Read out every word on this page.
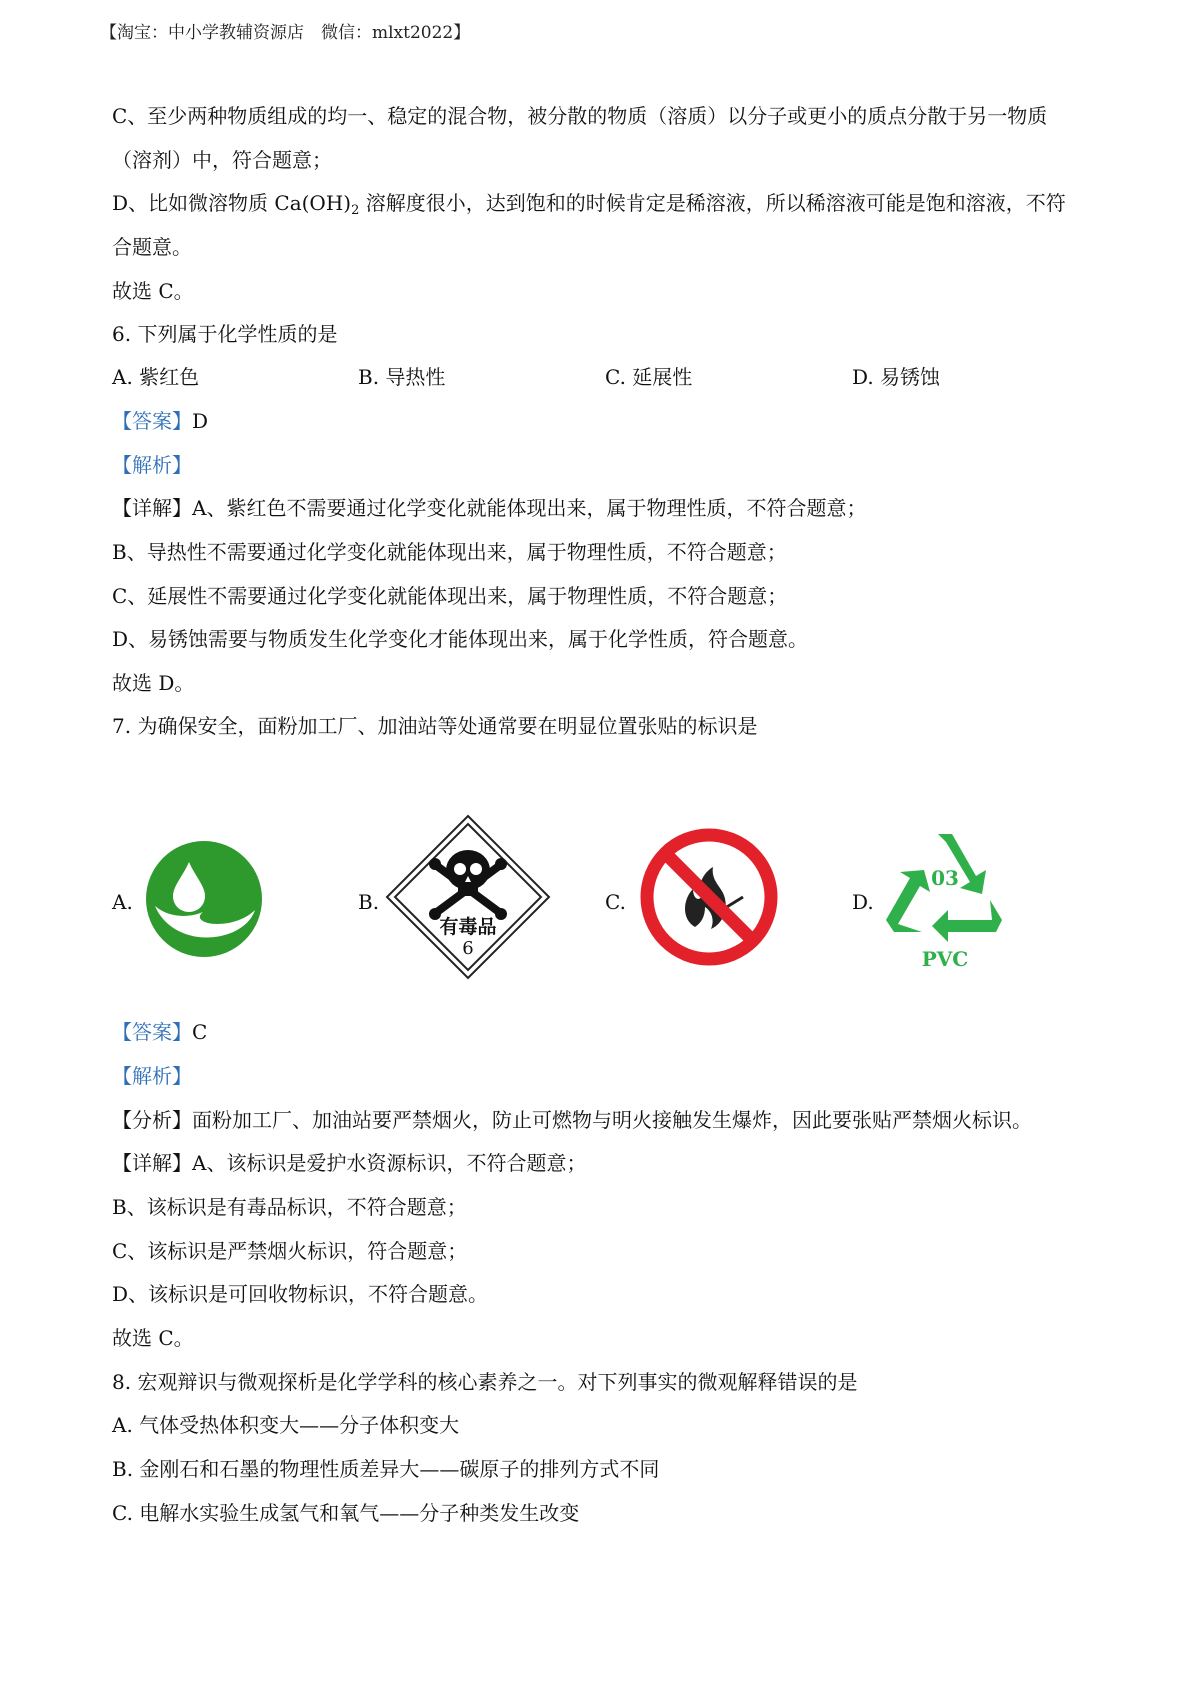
【淘宝：中小学教辅资源店　微信：mlxt2022】
C、至少两种物质组成的均一、稳定的混合物，被分散的物质（溶质）以分子或更小的质点分散于另一物质
（溶剂）中，符合题意；
D、比如微溶物质 $Ca(OH)_2$ 溶解度很小，达到饱和的时候肯定是稀溶液，所以稀溶液可能是饱和溶液，不符
合题意。
故选 C。
6. 下列属于化学性质的是
A. 紫红色	B. 导热性	C. 延展性	D. 易锈蚀
【答案】D
【解析】
【详解】A、紫红色不需要通过化学变化就能体现出来，属于物理性质，不符合题意；
B、导热性不需要通过化学变化就能体现出来，属于物理性质，不符合题意；
C、延展性不需要通过化学变化就能体现出来，属于物理性质，不符合题意；
D、易锈蚀需要与物质发生化学变化才能体现出来，属于化学性质，符合题意。
故选 D。
7. 为确保安全，面粉加工厂、加油站等处通常要在明显位置张贴的标识是
A.	B.
有毒品
6
C.	D.
03
PVC
【答案】C
【解析】
【分析】面粉加工厂、加油站要严禁烟火，防止可燃物与明火接触发生爆炸，因此要张贴严禁烟火标识。
【详解】A、该标识是爱护水资源标识，不符合题意；
B、该标识是有毒品标识，不符合题意；
C、该标识是严禁烟火标识，符合题意；
D、该标识是可回收物标识，不符合题意。
故选 C。
8. 宏观辩识与微观探析是化学学科的核心素养之一。对下列事实的微观解释错误的是
A. 气体受热体积变大——分子体积变大
B. 金刚石和石墨的物理性质差异大——碳原子的排列方式不同
C. 电解水实验生成氢气和氧气——分子种类发生改变
